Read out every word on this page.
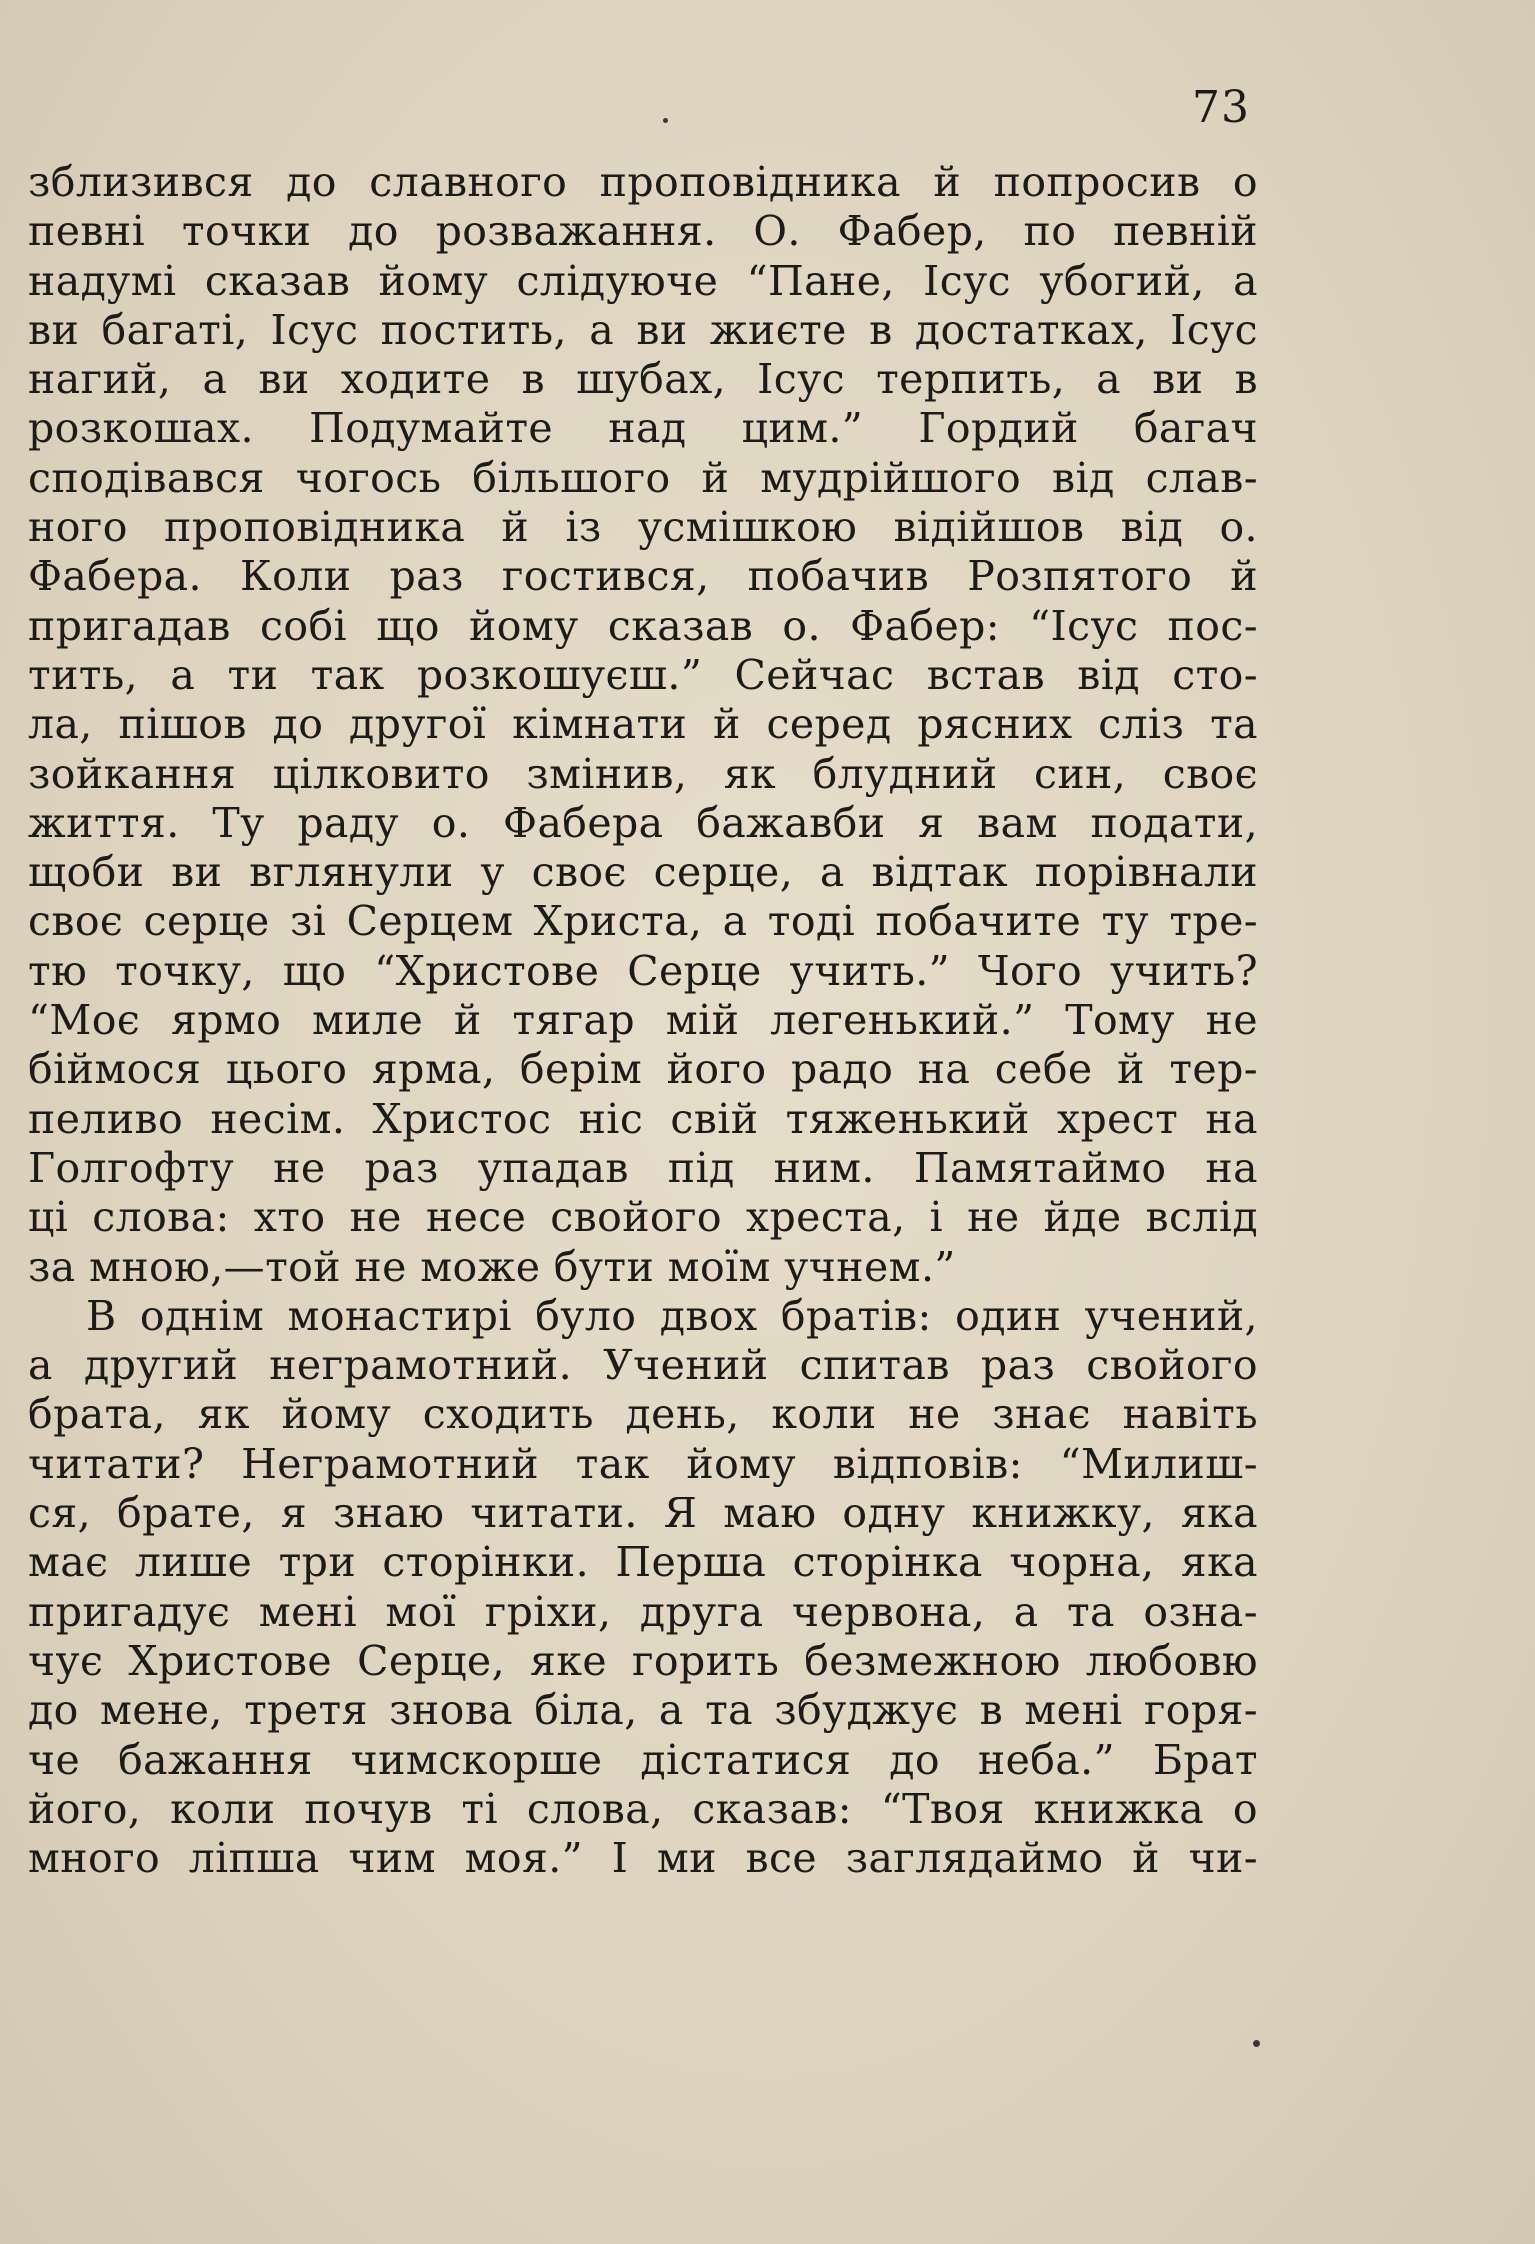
73
зблизився до славного проповідника й попросив о
певні точки до розважання. О. Фабер, по певній
надумі сказав йому слідуюче “Пане, Ісус убогий, а
ви багаті, Ісус постить, а ви жиєте в достатках, Ісус
нагий, а ви ходите в шубах, Ісус терпить, а ви в
розкошах. Подумайте над цим.” Гордий багач
сподівався чогось більшого й мудрійшого від слав-
ного проповідника й із усмішкою відійшов від о.
Фабера. Коли раз гостився, побачив Розпятого й
пригадав собі що йому сказав о. Фабер: “Ісус пос-
тить, а ти так розкошуєш.” Сейчас встав від сто-
ла, пішов до другої кімнати й серед рясних сліз та
зойкання цілковито змінив, як блудний син, своє
життя. Ту раду о. Фабера бажавби я вам подати,
щоби ви вглянули у своє серце, а відтак порівнали
своє серце зі Серцем Христа, а тоді побачите ту тре-
тю точку, що “Христове Серце учить.” Чого учить?
“Моє ярмо миле й тягар мій легенький.” Тому не
біймося цього ярма, берім його радо на себе й тер-
пеливо несім. Христос ніс свій тяженький хрест на
Голгофту не раз упадав під ним. Памятаймо на
ці слова: хто не несе свойого хреста, і не йде вслід
за мною,—той не може бути моїм учнем.”
В однім монастирі було двох братів: один учений,
а другий неграмотний. Учений спитав раз свойого
брата, як йому сходить день, коли не знає навіть
читати? Неграмотний так йому відповів: “Милиш-
ся, брате, я знаю читати. Я маю одну книжку, яка
має лише три сторінки. Перша сторінка чорна, яка
пригадує мені мої гріхи, друга червона, а та озна-
чує Христове Серце, яке горить безмежною любовю
до мене, третя знова біла, а та збуджує в мені горя-
че бажання чимскорше дістатися до неба.” Брат
його, коли почув ті слова, сказав: “Твоя книжка о
много ліпша чим моя.” І ми все заглядаймо й чи-
